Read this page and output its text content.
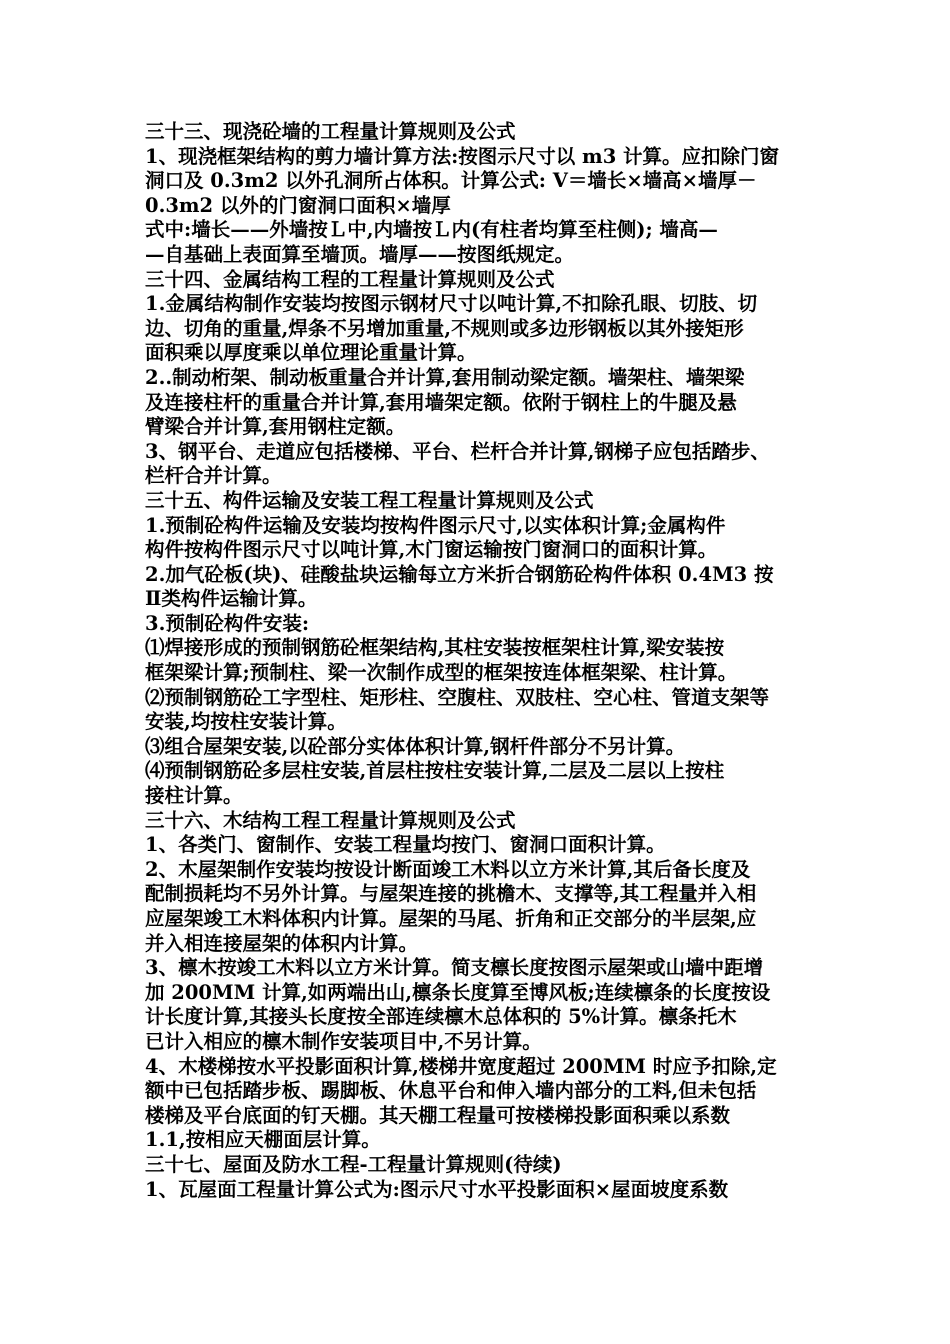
三十三、现浇砼墙的工程量计算规则及公式

1、现浇框架结构的剪力墙计算方法:按图示尺寸以 m3 计算。应扣除门窗

洞口及 0.3m2 以外孔洞所占体积。计算公式: V＝墙长×墙高×墙厚－

0.3m2 以外的门窗洞口面积×墙厚

式中:墙长——外墙按Ｌ中,内墙按Ｌ内(有柱者均算至柱侧); 墙高—

—自基础上表面算至墙顶。墙厚——按图纸规定。

三十四、金属结构工程的工程量计算规则及公式

1.金属结构制作安装均按图示钢材尺寸以吨计算,不扣除孔眼、切肢、切

边、切角的重量,焊条不另增加重量,不规则或多边形钢板以其外接矩形

面积乘以厚度乘以单位理论重量计算。

2..制动桁架、制动板重量合并计算,套用制动梁定额。墙架柱、墙架梁

及连接柱杆的重量合并计算,套用墙架定额。依附于钢柱上的牛腿及悬

臂梁合并计算,套用钢柱定额。

3、钢平台、走道应包括楼梯、平台、栏杆合并计算,钢梯子应包括踏步、

栏杆合并计算。

三十五、构件运输及安装工程工程量计算规则及公式

1.预制砼构件运输及安装均按构件图示尺寸,以实体积计算;金属构件

构件按构件图示尺寸以吨计算,木门窗运输按门窗洞口的面积计算。

2.加气砼板(块)、硅酸盐块运输每立方米折合钢筋砼构件体积 0.4M3 按

Ⅱ类构件运输计算。

3.预制砼构件安装:

⑴焊接形成的预制钢筋砼框架结构,其柱安装按框架柱计算,梁安装按

框架梁计算;预制柱、梁一次制作成型的框架按连体框架梁、柱计算。

⑵预制钢筋砼工字型柱、矩形柱、空腹柱、双肢柱、空心柱、管道支架等

安装,均按柱安装计算。

⑶组合屋架安装,以砼部分实体体积计算,钢杆件部分不另计算。

⑷预制钢筋砼多层柱安装,首层柱按柱安装计算,二层及二层以上按柱

接柱计算。

三十六、木结构工程工程量计算规则及公式

1、各类门、窗制作、安装工程量均按门、窗洞口面积计算。

2、木屋架制作安装均按设计断面竣工木料以立方米计算,其后备长度及

配制损耗均不另外计算。与屋架连接的挑檐木、支撑等,其工程量并入相

应屋架竣工木料体积内计算。屋架的马尾、折角和正交部分的半层架,应

并入相连接屋架的体积内计算。

3、檩木按竣工木料以立方米计算。简支檩长度按图示屋架或山墙中距增

加 200MM 计算,如两端出山,檩条长度算至博风板;连续檩条的长度按设

计长度计算,其接头长度按全部连续檩木总体积的 5%计算。檩条托木

已计入相应的檩木制作安装项目中,不另计算。

4、木楼梯按水平投影面积计算,楼梯井宽度超过 200MM 时应予扣除,定

额中已包括踏步板、踢脚板、休息平台和伸入墙内部分的工料,但未包括

楼梯及平台底面的钉天棚。其天棚工程量可按楼梯投影面积乘以系数

1.1,按相应天棚面层计算。

三十七、屋面及防水工程-工程量计算规则(待续)

1、瓦屋面工程量计算公式为:图示尺寸水平投影面积×屋面坡度系数
